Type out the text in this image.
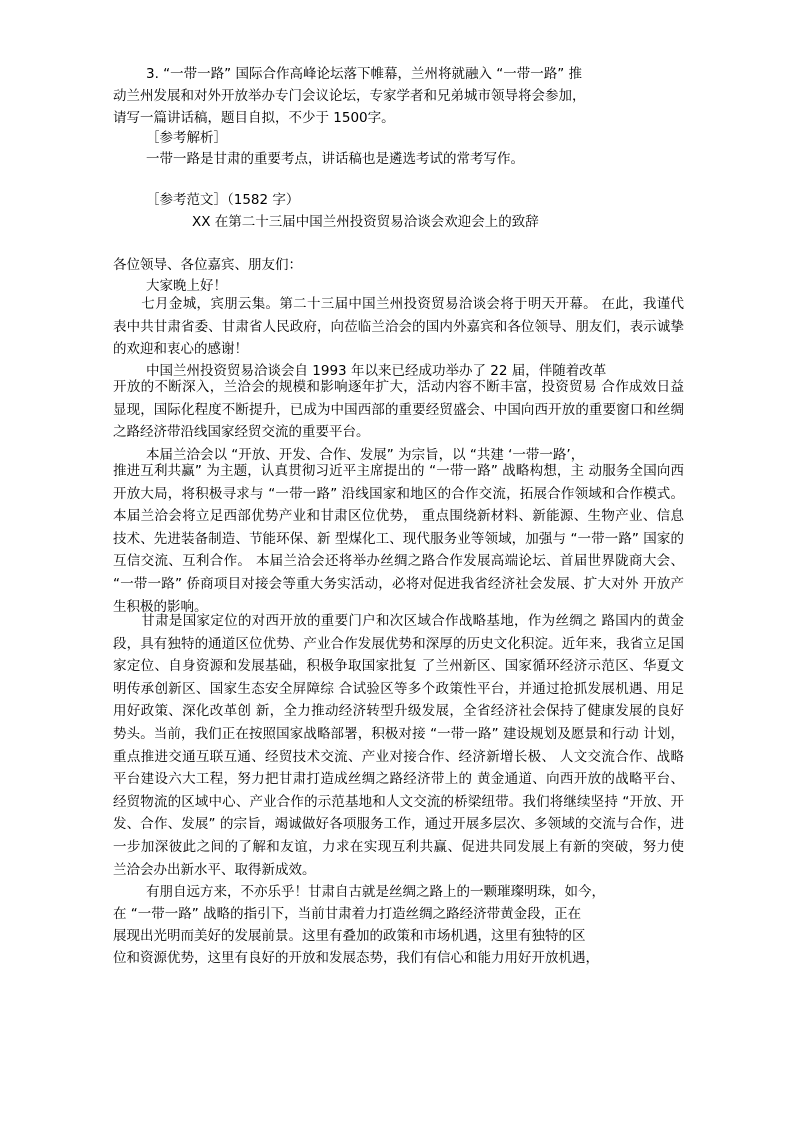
3. “一带一路” 国际合作高峰论坛落下帷幕，兰州将就融入 “一带一路” 推
动兰州发展和对外开放举办专门会议论坛，专家学者和兄弟城市领导将会参加，
请写一篇讲话稿，题目自拟，不少于 1500字。
［参考解析］
一带一路是甘肃的重要考点，讲话稿也是遴选考试的常考写作。
［参考范文］（1582 字）
XX 在第二十三届中国兰州投资贸易洽谈会欢迎会上的致辞
各位领导、各位嘉宾、朋友们：
大家晚上好！
七月金城，宾朋云集。第二十三届中国兰州投资贸易洽谈会将于明天开幕。 在此，我谨代表中共甘肃省委、甘肃省人民政府，向莅临兰洽会的国内外嘉宾和各位领导、朋友们，表示诚挚的欢迎和衷心的感谢！
中国兰州投资贸易洽谈会自 1993 年以来已经成功举办了 22 届，伴随着改革
开放的不断深入，兰洽会的规模和影响逐年扩大，活动内容不断丰富，投资贸易 合作成效日益显现，国际化程度不断提升，已成为中国西部的重要经贸盛会、中国向西开放的重要窗口和丝绸之路经济带沿线国家经贸交流的重要平台。
本届兰洽会以 “开放、开发、合作、发展” 为宗旨，以 “共建 ‘一带一路’，
推进互利共赢” 为主题，认真贯彻习近平主席提出的 “一带一路” 战略构想，主 动服务全国向西开放大局，将积极寻求与 “一带一路” 沿线国家和地区的合作交流，拓展合作领域和合作模式。本届兰洽会将立足西部优势产业和甘肃区位优势， 重点围绕新材料、新能源、生物产业、信息技术、先进装备制造、节能环保、新 型煤化工、现代服务业等领域，加强与 “一带一路” 国家的互信交流、互利合作。 本届兰洽会还将举办丝绸之路合作发展高端论坛、首届世界陇商大会、 “一带一路” 侨商项目对接会等重大务实活动，必将对促进我省经济社会发展、扩大对外 开放产生积极的影响。
甘肃是国家定位的对西开放的重要门户和次区域合作战略基地，作为丝绸之 路国内的黄金段，具有独特的通道区位优势、产业合作发展优势和深厚的历史文化积淀。近年来，我省立足国家定位、自身资源和发展基础，积极争取国家批复 了兰州新区、国家循环经济示范区、华夏文明传承创新区、国家生态安全屏障综 合试验区等多个政策性平台，并通过抢抓发展机遇、用足用好政策、深化改革创 新，全力推动经济转型升级发展，全省经济社会保持了健康发展的良好势头。当前，我们正在按照国家战略部署，积极对接 “一带一路” 建设规划及愿景和行动 计划，重点推进交通互联互通、经贸技术交流、产业对接合作、经济新增长极、 人文交流合作、战略平台建设六大工程，努力把甘肃打造成丝绸之路经济带上的 黄金通道、向西开放的战略平台、经贸物流的区域中心、产业合作的示范基地和人文交流的桥梁纽带。我们将继续坚持 “开放、开发、合作、发展” 的宗旨，竭诚做好各项服务工作，通过开展多层次、多领域的交流与合作，进一步加深彼此之间的了解和友谊，力求在实现互利共赢、促进共同发展上有新的突破，努力使 兰洽会办出新水平、取得新成效。
有朋自远方来，不亦乐乎！甘肃自古就是丝绸之路上的一颗璀璨明珠，如今，
在 “一带一路” 战略的指引下，当前甘肃着力打造丝绸之路经济带黄金段，正在
展现出光明而美好的发展前景。这里有叠加的政策和市场机遇，这里有独特的区
位和资源优势，这里有良好的开放和发展态势，我们有信心和能力用好开放机遇，
